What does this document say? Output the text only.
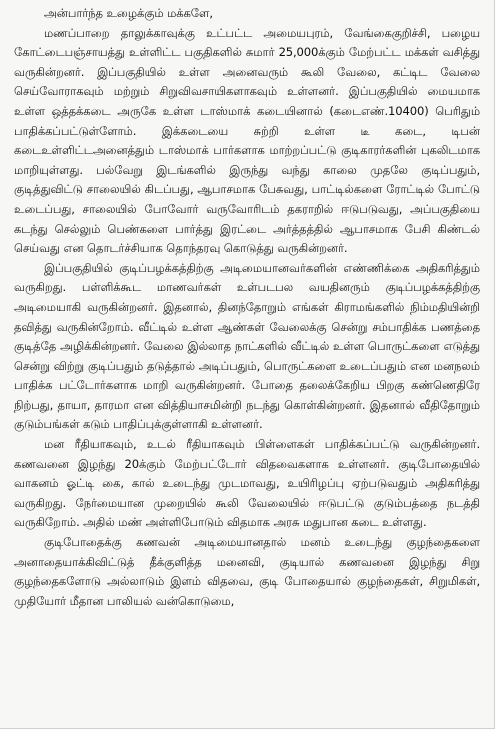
அன்பார்ந்த உழைக்கும் மக்களே,

மணப்பாறை தாலுக்காவுக்கு உட்பட்ட அமையபுரம், வேங்கைகுறிச்சி, பழைய கோட்டைபஞ்சாயத்து உள்ளிட்ட பகுதிகளில் சுமார் 25,000க்கும் மேற்பட்ட மக்கள் வசித்து வருகின்றனர். இப்பகுதியில் உள்ள அனைவரும் கூலி வேலை, கட்டிட வேலை செய்வோராகவும் மற்றும் சிறுவிவசாயிகளாகவும் உள்ளனர். இப்பகுதியில் மையமாக உள்ள ஒத்தக்கடை அருகே உள்ள டாஸ்மாக் கடையினால் (கடைஎண்.10400) பெரிதும் பாதிக்கப்பட்டுள்ளோம். இக்கடையை சுற்றி உள்ள டீ கடை, டிபன் கடைஉள்ளிட்டஅனைத்தும் டாஸ்மாக் பார்களாக மாற்றப்பட்டு குடிகாரர்களின் புகலிடமாக மாறியுள்ளது. பல்வேறு இடங்களில் இருந்து வந்து காலை முதலே குடிப்பதும், குடித்துவிட்டு சாலையில் கிடப்பது, ஆபாசமாக பேசுவது, பாட்டில்களை ரோட்டில் போட்டு உடைப்பது, சாலையில் போவோர் வருவோரிடம் தகராறில் ஈடுபடுவது, அப்பகுதியை கடந்து செல்லும் பெண்களை பார்த்து இரட்டை அர்த்தத்தில் ஆபாசமாக பேசி கிண்டல் செய்வது என தொடர்ச்சியாக தொந்தரவு கொடுத்து வருகின்றனர்.

இப்பகுதியில் குடிப்பழக்கத்திற்கு அடிமையானவர்களின் எண்ணிக்கை அதிகரித்தும் வருகிறது. பள்ளிக்கூட மாணவர்கள் உள்படபல வயதினரும் குடிப்பழக்கத்திற்கு அடிமையாகி வருகின்றனர். இதனால், தினந்தோறும் எங்கள் கிராமங்களில் நிம்மதியின்றி தவித்து வருகின்றோம். வீட்டில் உள்ள ஆண்கள் வேலைக்கு சென்று சம்பாதிக்க பணத்தை குடித்தே அழிக்கின்றனர். வேலை இல்லாத நாட்களில் வீட்டில் உள்ள பொருட்களை எடுத்து சென்று விற்று குடிப்பதும் தடுத்தால் அடிப்பதும், பொருட்களை உடைப்பதும் என மனநலம் பாதிக்க பட்டோர்களாக மாறி வருகின்றனர். போதை தலைக்கேறிய பிறகு கண்ணெதிரே நிற்பது, தாயா, தாரமா என வித்தியாசமின்றி நடந்து கொள்கின்றனர். இதனால் வீதிதோறும் குடும்பங்கள் கடும் பாதிப்புக்குள்ளாகி உள்ளனர்.

மன ரீதியாகவும், உடல் ரீதியாகவும் பிள்ளைகள் பாதிக்கப்பட்டு வருகின்றனர். கணவனை இழந்து 20க்கும் மேற்பட்டோர் விதவைகளாக உள்ளனர். குடிபோதையில் வாகனம் ஓட்டி கை, கால் உடைந்து முடமாவது, உயிரிழப்பு ஏற்படுவதும் அதிகரித்து வருகிறது. நேர்மையான முறையில் கூலி வேலையில் ஈடுபட்டு குடும்பத்தை நடத்தி வருகிறோம். அதில் மண் அள்ளிபோடும் விதமாக அரசு மதுபான கடை உள்ளது.

குடிபோதைக்கு கணவன் அடிமையானதால் மனம் உடைந்து குழந்தைகளை அனாதையாக்கிவிட்டுத் தீக்குளித்த மனைவி, குடியால் கணவனை இழந்து சிறு குழந்தைகளோடு அல்லாடும் இளம் விதவை, குடி போதையால் குழந்தைகள், சிறுமிகள், முதியோர் மீதான பாலியல் வன்கொடுமை,
